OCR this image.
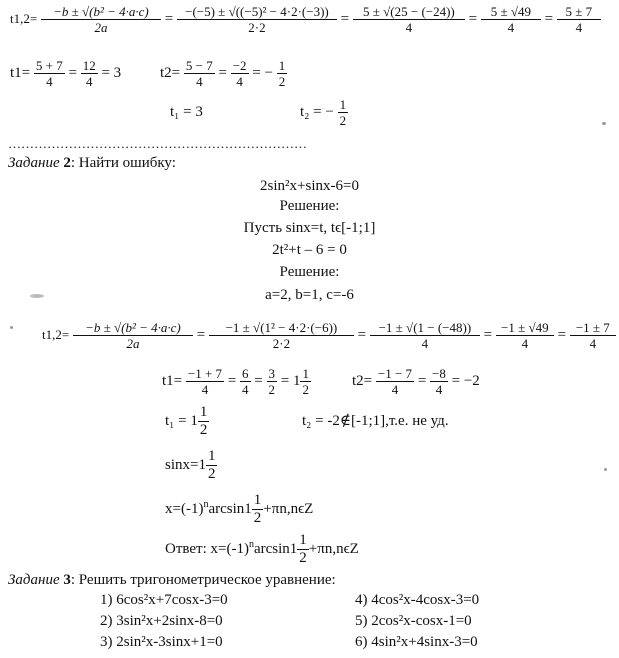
$t1,2= \frac{\text{−b ± √(b² − 4·a·c)}}{2a} = \frac{\text{−(−5) ± √((−5)² − 4·2·(−3))}}{2\cdot 2} = \frac{5 \pm √(25 - (-24))}{4} = \frac{5 \pm √49}{4} = \frac{5 \pm 7}{4}$
$t1= \frac{5 + 7}{4} = \frac{12}{4} = 3$	$t2= \frac{5 - 7}{4} = \frac{-2}{4}$ = − $\frac{1}{2}$
t₁ = 3	t₂ = − $\frac{1}{2}$
……………………………………………………………
Задание 2: Найти ошибку:
2sin²x+sinx-6=0
Решение:
Пусть sinx=t, tϵ[-1;1]
2t²+t – 6 = 0
Решение:
a=2, b=1, c=-6
$t1,2= \frac{\text{−b ± √(b² − 4·a·c)}}{2a} = \frac{\text{−1 ± √(1² − 4·2·(−6))}}{2\cdot 2} = \frac{-1 \pm √(1 - (-48))}{4} = \frac{-1 \pm √49}{4} = \frac{-1 \pm 7}{4}$
$t1= \frac{-1 + 7}{4} = \frac{6}{4} = \frac{3}{2} = 1 \frac{1}{2}$	$t2= \frac{-1 - 7}{4} = \frac{-8}{4} = -2$
$t_1 = 1 \frac{1}{2}$	t₂ = -2∉[-1;1],т.е. не уд.
$\sin x=1 \frac{1}{2}$
$x=(-1)^n\arcsin 1 \frac{1}{2} +\pi n,n\epsilon Z$
Ответ: $x=(-1)^n\arcsin 1 \frac{1}{2} +\pi n,n\epsilon Z$
Задание 3: Решить тригонометрическое уравнение:
1) 6cos²x+7cosx-3=0	4) 4cos²x-4cosx-3=0
2) 3sin²x+2sinx-8=0	5) 2cos²x-cosx-1=0
3) 2sin²x-3sinx+1=0	6) 4sin²x+4sinx-3=0
